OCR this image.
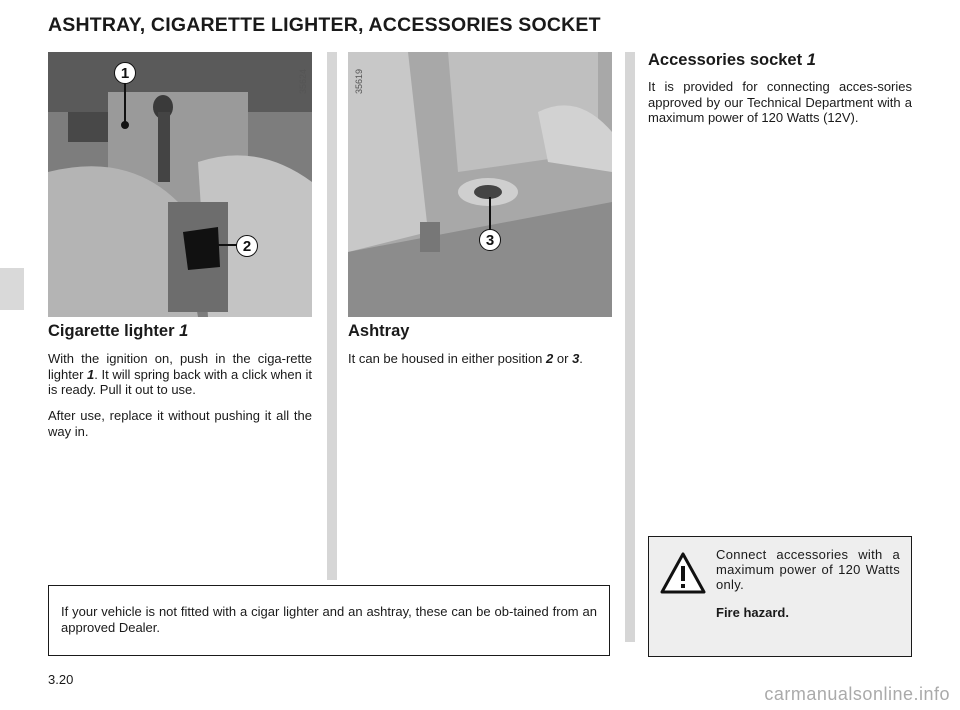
ASHTRAY, CIGARETTE LIGHTER, ACCESSORIES SOCKET
35624
1
2
35619
3
Cigarette lighter 1

With the ignition on, push in the ciga-rette lighter 1. It will spring back with a click when it is ready. Pull it out to use.

After use, replace it without pushing it all the way in.

Ashtray

It can be housed in either position 2 or 3.

Accessories socket 1

It is provided for connecting acces-sories approved by our Technical Department with a maximum power of 120 Watts (12V).

If your vehicle is not fitted with a cigar lighter and an ashtray, these can be ob-tained from an approved Dealer.

Connect accessories with a maximum power of 120 Watts only.

Fire hazard.

3.20
carmanualsonline.info
